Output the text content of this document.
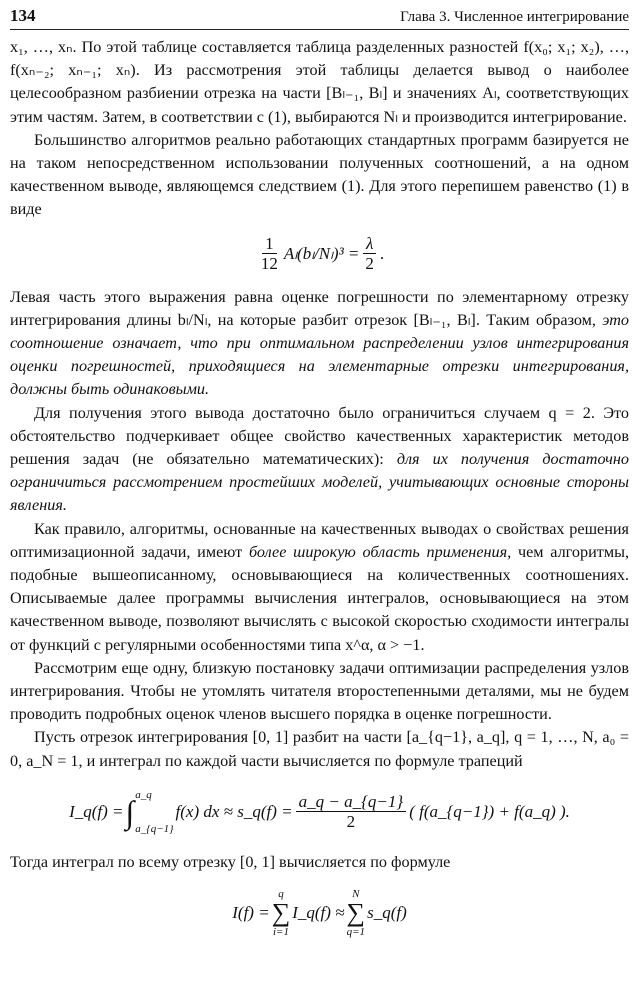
134	Глава 3. Численное интегрирование

x₁, …, xₙ. По этой таблице составляется таблица разделенных разностей f(x₀; x₁; x₂), …, f(xₙ₋₂; xₙ₋₁; xₙ). Из рассмотрения этой таблицы делается вывод о наиболее целесообразном разбиении отрезка на части [Bₗ₋₁, Bₗ] и значениях Aₗ, соответствующих этим частям. Затем, в соответствии с (1), выбираются Nₗ и производится интегрирование.

Большинство алгоритмов реально работающих стандартных программ базируется не на таком непосредственном использовании полученных соотношений, а на одном качественном выводе, являющемся следствием (1). Для этого перепишем равенство (1) в виде

$\frac{1}{12} A_l(b_l/N_l)^3 = \frac{\lambda}{2}$ .

Левая часть этого выражения равна оценке погрешности по элементарному отрезку интегрирования длины bₗ/Nₗ, на которые разбит отрезок [Bₗ₋₁, Bₗ]. Таким образом, это соотношение означает, что при оптимальном распределении узлов интегрирования оценки погрешностей, приходящиеся на элементарные отрезки интегрирования, должны быть одинаковыми.

Для получения этого вывода достаточно было ограничиться случаем q = 2. Это обстоятельство подчеркивает общее свойство качественных характеристик методов решения задач (не обязательно математических): для их получения достаточно ограничиться рассмотрением простейших моделей, учитывающих основные стороны явления.

Как правило, алгоритмы, основанные на качественных выводах о свойствах решения оптимизационной задачи, имеют более широкую область применения, чем алгоритмы, подобные вышеописанному, основывающиеся на количественных соотношениях. Описываемые далее программы вычисления интегралов, основывающиеся на этом качественном выводе, позволяют вычислять с высокой скоростью сходимости интегралы от функций с регулярными особенностями типа x^α, α > −1.

Рассмотрим еще одну, близкую постановку задачи оптимизации распределения узлов интегрирования. Чтобы не утомлять читателя второстепенными деталями, мы не будем проводить подробных оценок членов высшего порядка в оценке погрешности.

Пусть отрезок интегрирования [0, 1] разбит на части [a_{q−1}, a_q], q = 1, …, N, a₀ = 0, a_N = 1, и интеграл по каждой части вычисляется по формуле трапеций

I_q(f) = ∫ a_q
a_{q−1}
f(x) dx ≈ s_q(f) = $\frac{a\_q - a\_\{q-1\}}{2}$ ( f(a_{q−1}) + f(a_q) ).

Тогда интеграл по всему отрезку [0, 1] вычисляется по формуле

I(f) =
q
∑
i=1
I_q(f) ≈
N
∑
q=1
s_q(f)
